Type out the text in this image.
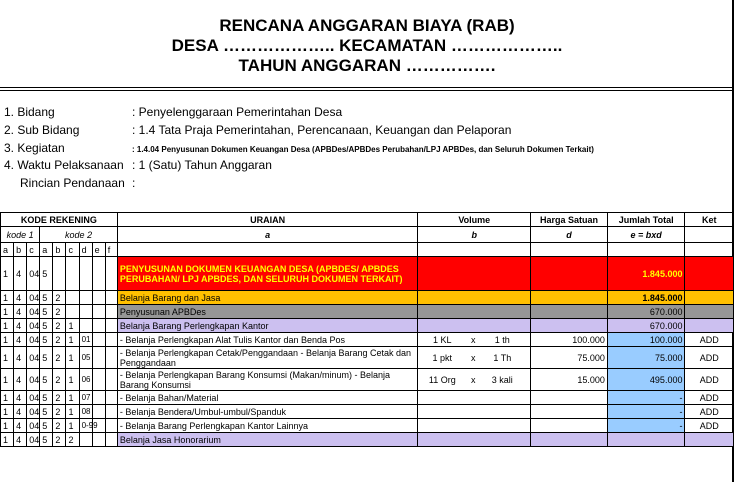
RENCANA ANGGARAN BIAYA (RAB)
DESA ……………….. KECAMATAN ………………..
TAHUN ANGGARAN …………….
1. Bidang	: Penyelenggaraan Pemerintahan Desa
2. Sub Bidang	: 1.4 Tata Praja Pemerintahan, Perencanaan, Keuangan dan Pelaporan
3. Kegiatan	: 1.4.04 Penyusunan Dokumen Keuangan Desa (APBDes/APBDes Perubahan/LPJ APBDes, dan Seluruh Dokumen Terkait)
4. Waktu Pelaksanaan : 1 (Satu) Tahun Anggaran
Rincian Pendanaan :
KODE REKENING									URAIAN	Volume	Harga Satuan	Jumlah Total	Ket
kode 1			kode 2						a	b	d	e = bxd	
a	b	c	a	b	c	d	e	f					
1	4	04	5						PENYUSUNAN DOKUMEN KEUANGAN DESA (APBDES/ APBDES PERUBAHAN/ LPJ APBDES, DAN SELURUH DOKUMEN TERKAIT)			1.845.000	
1	4	04	5	2					Belanja Barang dan Jasa			1.845.000	
1	4	04	5	2					Penyusunan APBDes			670.000	
1	4	04	5	2	1				Belanja Barang Perlengkapan Kantor			670.000	
1	4	04	5	2	1	01			- Belanja Perlengkapan Alat Tulis Kantor dan Benda Pos	1 KL x 1 th	100.000	100.000	ADD
1	4	04	5	2	1	05			- Belanja Perlengkapan Cetak/Penggandaan - Belanja Barang Cetak dan Penggandaan	1 pkt x 1 Th	75.000	75.000	ADD
1	4	04	5	2	1	06			- Belanja Perlengkapan Barang Konsumsi (Makan/minum) - Belanja Barang Konsumsi	11 Org x 3 kali	15.000	495.000	ADD
1	4	04	5	2	1	07			- Belanja Bahan/Material			-	ADD
1	4	04	5	2	1	08			- Belanja Bendera/Umbul-umbul/Spanduk			-	ADD
1	4	04	5	2	1	0-99			- Belanja Barang Perlengkapan Kantor Lainnya			-	ADD
1	4	04	5	2	2				Belanja Jasa Honorarium				
